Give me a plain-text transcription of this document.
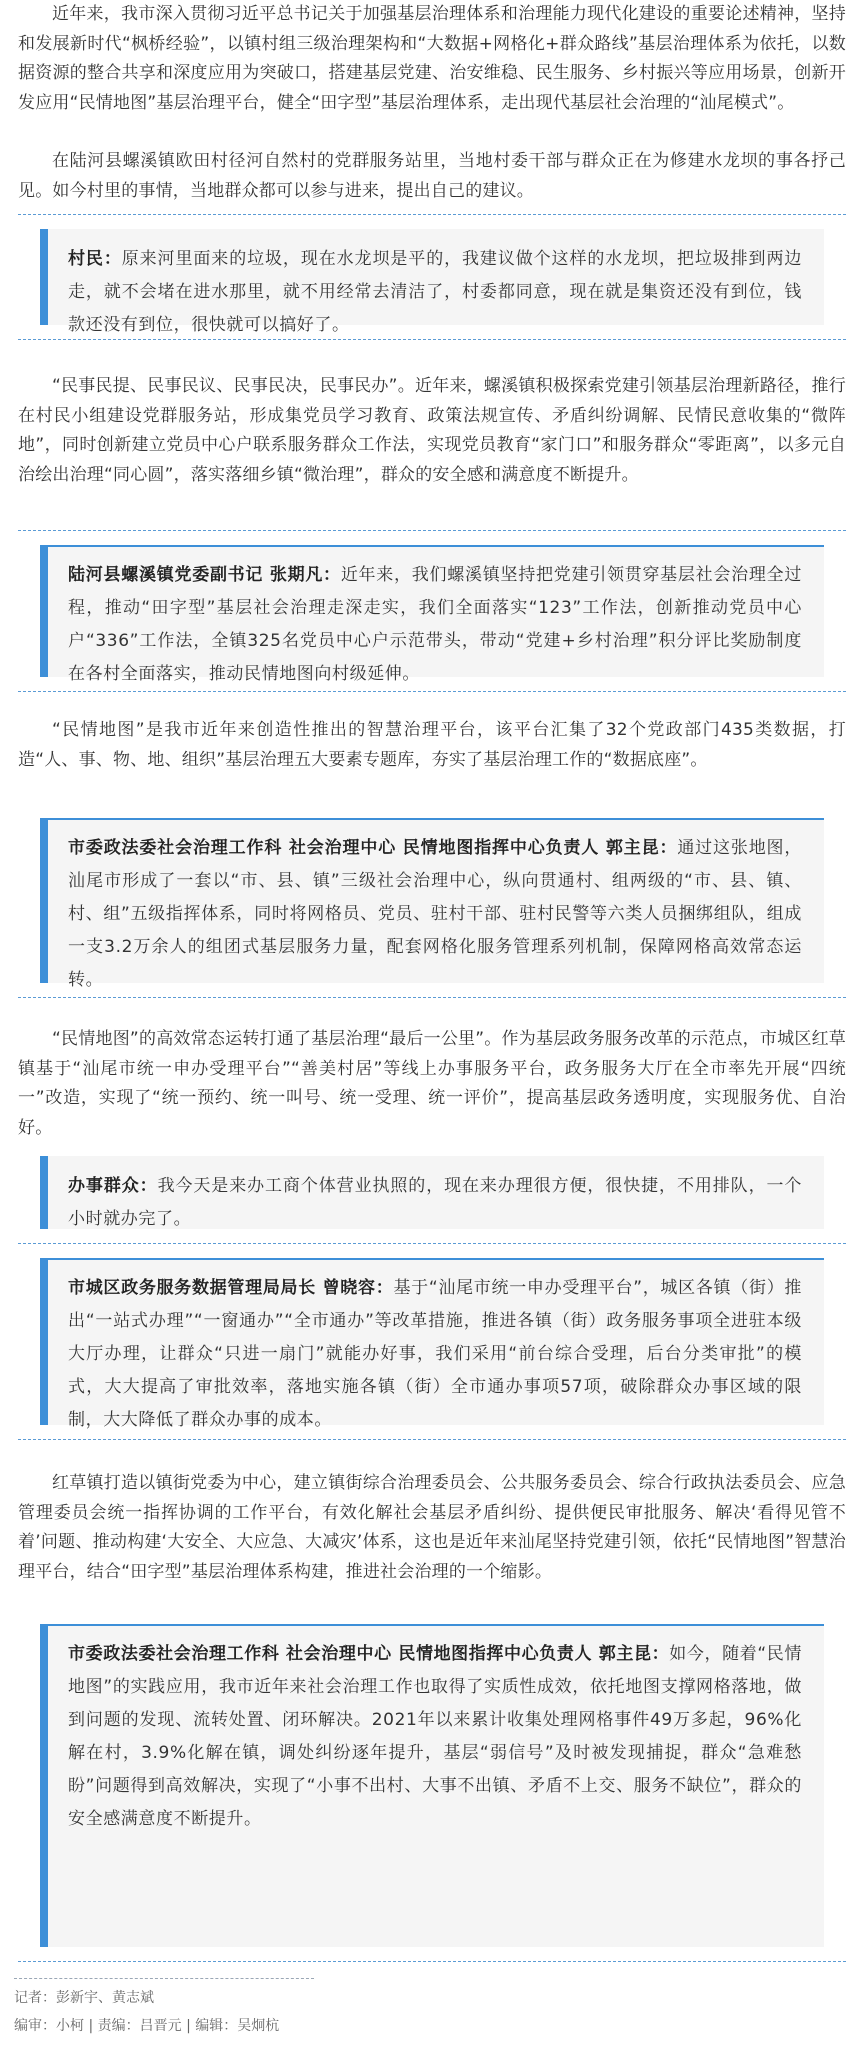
近年来，我市深入贯彻习近平总书记关于加强基层治理体系和治理能力现代化建设的重要论述精神，坚持和发展新时代“枫桥经验”，以镇村组三级治理架构和“大数据+网格化+群众路线”基层治理体系为依托，以数据资源的整合共享和深度应用为突破口，搭建基层党建、治安维稳、民生服务、乡村振兴等应用场景，创新开发应用“民情地图”基层治理平台，健全“田字型”基层治理体系，走出现代基层社会治理的“汕尾模式”。

在陆河县螺溪镇欧田村径河自然村的党群服务站里，当地村委干部与群众正在为修建水龙坝的事各抒己见。如今村里的事情，当地群众都可以参与进来，提出自己的建议。

村民：原来河里面来的垃圾，现在水龙坝是平的，我建议做个这样的水龙坝，把垃圾排到两边走，就不会堵在进水那里，就不用经常去清洁了，村委都同意，现在就是集资还没有到位，钱款还没有到位，很快就可以搞好了。

“民事民提、民事民议、民事民决，民事民办”。近年来，螺溪镇积极探索党建引领基层治理新路径，推行在村民小组建设党群服务站，形成集党员学习教育、政策法规宣传、矛盾纠纷调解、民情民意收集的“微阵地”，同时创新建立党员中心户联系服务群众工作法，实现党员教育“家门口”和服务群众“零距离”，以多元自治绘出治理“同心圆”，落实落细乡镇“微治理”，群众的安全感和满意度不断提升。

陆河县螺溪镇党委副书记 张期凡：近年来，我们螺溪镇坚持把党建引领贯穿基层社会治理全过程，推动“田字型”基层社会治理走深走实，我们全面落实“123”工作法，创新推动党员中心户“336”工作法，全镇325名党员中心户示范带头，带动“党建+乡村治理”积分评比奖励制度在各村全面落实，推动民情地图向村级延伸。

“民情地图”是我市近年来创造性推出的智慧治理平台，该平台汇集了32个党政部门435类数据，打造“人、事、物、地、组织”基层治理五大要素专题库，夯实了基层治理工作的“数据底座”。

市委政法委社会治理工作科 社会治理中心 民情地图指挥中心负责人 郭主昆：通过这张地图，汕尾市形成了一套以“市、县、镇”三级社会治理中心，纵向贯通村、组两级的“市、县、镇、村、组”五级指挥体系，同时将网格员、党员、驻村干部、驻村民警等六类人员捆绑组队，组成一支3.2万余人的组团式基层服务力量，配套网格化服务管理系列机制，保障网格高效常态运转。

“民情地图”的高效常态运转打通了基层治理“最后一公里”。作为基层政务服务改革的示范点，市城区红草镇基于“汕尾市统一申办受理平台”“善美村居”等线上办事服务平台，政务服务大厅在全市率先开展“四统一”改造，实现了“统一预约、统一叫号、统一受理、统一评价”，提高基层政务透明度，实现服务优、自治好。

办事群众：我今天是来办工商个体营业执照的，现在来办理很方便，很快捷，不用排队，一个小时就办完了。

市城区政务服务数据管理局局长 曾晓容：基于“汕尾市统一申办受理平台”，城区各镇（街）推出“一站式办理”“一窗通办”“全市通办”等改革措施，推进各镇（街）政务服务事项全进驻本级大厅办理，让群众“只进一扇门”就能办好事，我们采用“前台综合受理，后台分类审批”的模式，大大提高了审批效率，落地实施各镇（街）全市通办事项57项，破除群众办事区域的限制，大大降低了群众办事的成本。

红草镇打造以镇街党委为中心，建立镇街综合治理委员会、公共服务委员会、综合行政执法委员会、应急管理委员会统一指挥协调的工作平台，有效化解社会基层矛盾纠纷、提供便民审批服务、解决‘看得见管不着’问题、推动构建‘大安全、大应急、大减灾’体系，这也是近年来汕尾坚持党建引领，依托“民情地图”智慧治理平台，结合“田字型”基层治理体系构建，推进社会治理的一个缩影。

市委政法委社会治理工作科 社会治理中心 民情地图指挥中心负责人 郭主昆：如今，随着“民情地图”的实践应用，我市近年来社会治理工作也取得了实质性成效，依托地图支撑网格落地，做到问题的发现、流转处置、闭环解决。2021年以来累计收集处理网格事件49万多起，96%化解在村，3.9%化解在镇，调处纠纷逐年提升，基层“弱信号”及时被发现捕捉，群众“急难愁盼”问题得到高效解决，实现了“小事不出村、大事不出镇、矛盾不上交、服务不缺位”，群众的安全感满意度不断提升。

记者：彭新宇、黄志斌
编审：小柯 | 责编：吕晋元 | 编辑：吴炯杭
